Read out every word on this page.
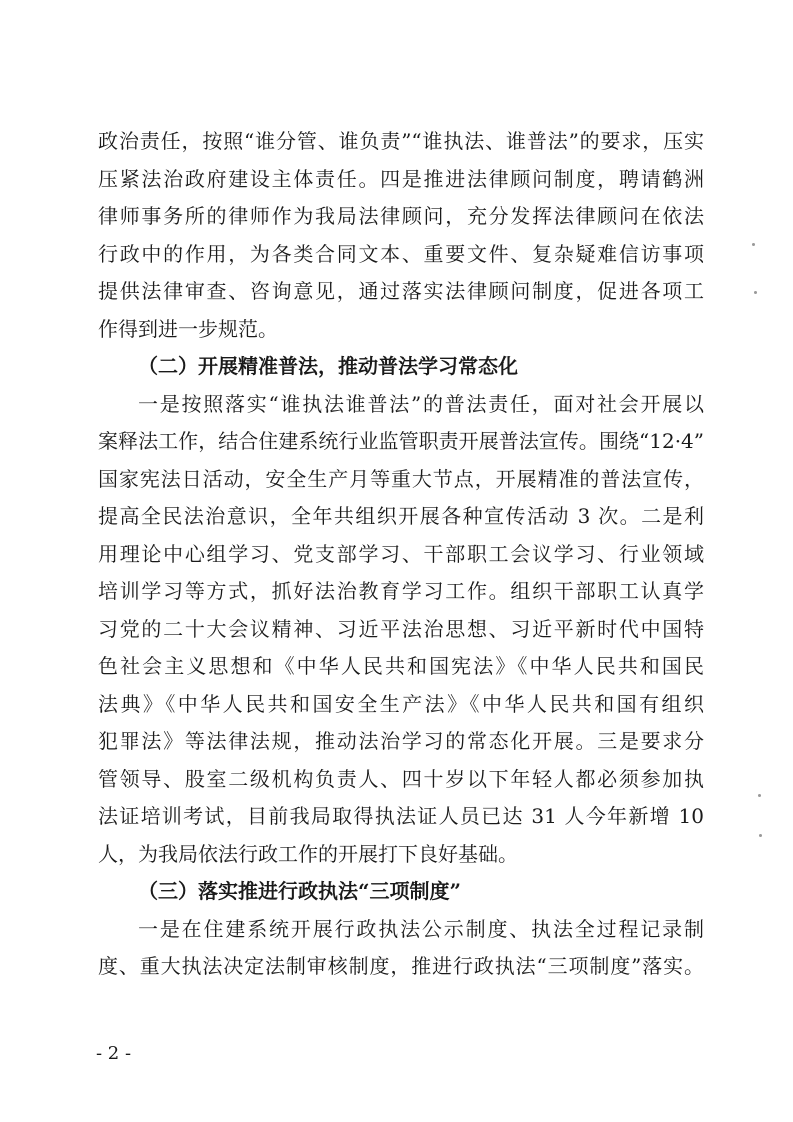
政治责任，按照“谁分管、谁负责”“谁执法、谁普法”的要求，压实
压紧法治政府建设主体责任。四是推进法律顾问制度，聘请鹤洲
律师事务所的律师作为我局法律顾问，充分发挥法律顾问在依法
行政中的作用，为各类合同文本、重要文件、复杂疑难信访事项
提供法律审查、咨询意见，通过落实法律顾问制度，促进各项工
作得到进一步规范。
（二）开展精准普法，推动普法学习常态化
一是按照落实“谁执法谁普法”的普法责任，面对社会开展以
案释法工作，结合住建系统行业监管职责开展普法宣传。围绕“12·4”
国家宪法日活动，安全生产月等重大节点，开展精准的普法宣传，
提高全民法治意识，全年共组织开展各种宣传活动 3 次。二是利
用理论中心组学习、党支部学习、干部职工会议学习、行业领域
培训学习等方式，抓好法治教育学习工作。组织干部职工认真学
习党的二十大会议精神、习近平法治思想、习近平新时代中国特
色社会主义思想和《中华人民共和国宪法》《中华人民共和国民
法典》《中华人民共和国安全生产法》《中华人民共和国有组织
犯罪法》等法律法规，推动法治学习的常态化开展。三是要求分
管领导、股室二级机构负责人、四十岁以下年轻人都必须参加执
法证培训考试，目前我局取得执法证人员已达 31 人今年新增 10
人，为我局依法行政工作的开展打下良好基础。
（三）落实推进行政执法“三项制度”
一是在住建系统开展行政执法公示制度、执法全过程记录制
度、重大执法决定法制审核制度，推进行政执法“三项制度”落实。
- 2 -
